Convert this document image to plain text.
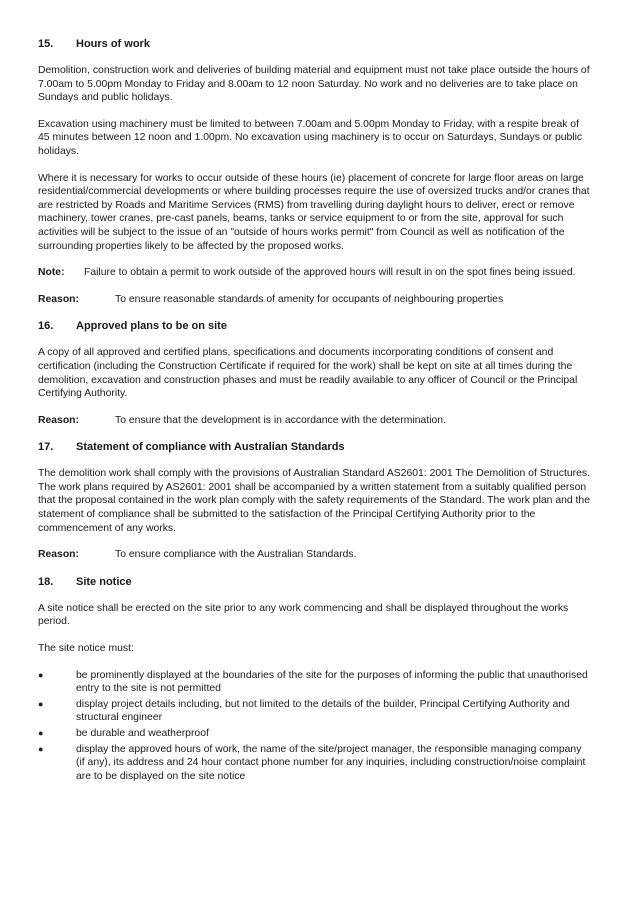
15.	Hours of work

Demolition, construction work and deliveries of building material and equipment must not take place outside the hours of 7.00am to 5.00pm Monday to Friday and 8.00am to 12 noon Saturday. No work and no deliveries are to take place on Sundays and public holidays.

Excavation using machinery must be limited to between 7.00am and 5.00pm Monday to Friday, with a respite break of 45 minutes between 12 noon and 1.00pm. No excavation using machinery is to occur on Saturdays, Sundays or public holidays.

Where it is necessary for works to occur outside of these hours (ie) placement of concrete for large floor areas on large residential/commercial developments or where building processes require the use of oversized trucks and/or cranes that are restricted by Roads and Maritime Services (RMS) from travelling during daylight hours to deliver, erect or remove machinery, tower cranes, pre-cast panels, beams, tanks or service equipment to or from the site, approval for such activities will be subject to the issue of an "outside of hours works permit" from Council as well as notification of the surrounding properties likely to be affected by the proposed works.

Note:	Failure to obtain a permit to work outside of the approved hours will result in on the spot fines being issued.
Reason:	To ensure reasonable standards of amenity for occupants of neighbouring properties
16.	Approved plans to be on site

A copy of all approved and certified plans, specifications and documents incorporating conditions of consent and certification (including the Construction Certificate if required for the work) shall be kept on site at all times during the demolition, excavation and construction phases and must be readily available to any officer of Council or the Principal Certifying Authority.

Reason:	To ensure that the development is in accordance with the determination.
17.	Statement of compliance with Australian Standards

The demolition work shall comply with the provisions of Australian Standard AS2601: 2001 The Demolition of Structures. The work plans required by AS2601: 2001 shall be accompanied by a written statement from a suitably qualified person that the proposal contained in the work plan comply with the safety requirements of the Standard. The work plan and the statement of compliance shall be submitted to the satisfaction of the Principal Certifying Authority prior to the commencement of any works.

Reason:	To ensure compliance with the Australian Standards.
18.	Site notice

A site notice shall be erected on the site prior to any work commencing and shall be displayed throughout the works period.

The site notice must:

●	be prominently displayed at the boundaries of the site for the purposes of informing the public that unauthorised entry to the site is not permitted
●	display project details including, but not limited to the details of the builder, Principal Certifying Authority and structural engineer
●	be durable and weatherproof
●	display the approved hours of work, the name of the site/project manager, the responsible managing company (if any), its address and 24 hour contact phone number for any inquiries, including construction/noise complaint are to be displayed on the site notice
